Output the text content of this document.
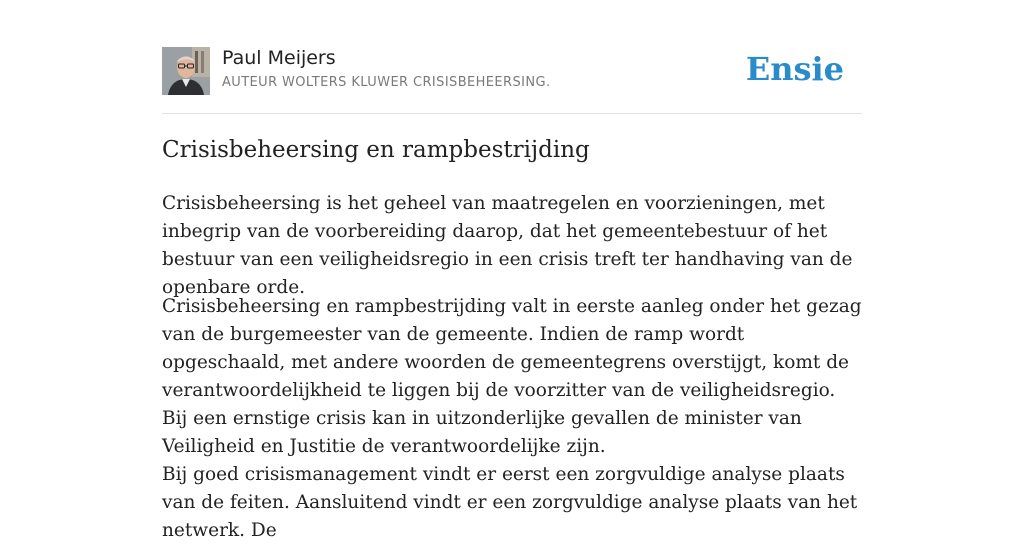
Paul Meijers
AUTEUR WOLTERS KLUWER CRISISBEHEERSING.	Ensie
Crisisbeheersing en rampbestrijding

Crisisbeheersing is het geheel van maatregelen en voorzieningen, met inbegrip van de voorbereiding daarop, dat het gemeentebestuur of het bestuur van een veiligheidsregio in een crisis treft ter handhaving van de openbare orde.

Crisisbeheersing en rampbestrijding valt in eerste aanleg onder het gezag van de burgemeester van de gemeente. Indien de ramp wordt opgeschaald, met andere woorden de gemeentegrens overstijgt, komt de verantwoordelijkheid te liggen bij de voorzitter van de veiligheidsregio. Bij een ernstige crisis kan in uitzonderlijke gevallen de minister van Veiligheid en Justitie de verantwoordelijke zijn.

Bij goed crisismanagement vindt er eerst een zorgvuldige analyse plaats van de feiten. Aansluitend vindt er een zorgvuldige analyse plaats van het netwerk. De
